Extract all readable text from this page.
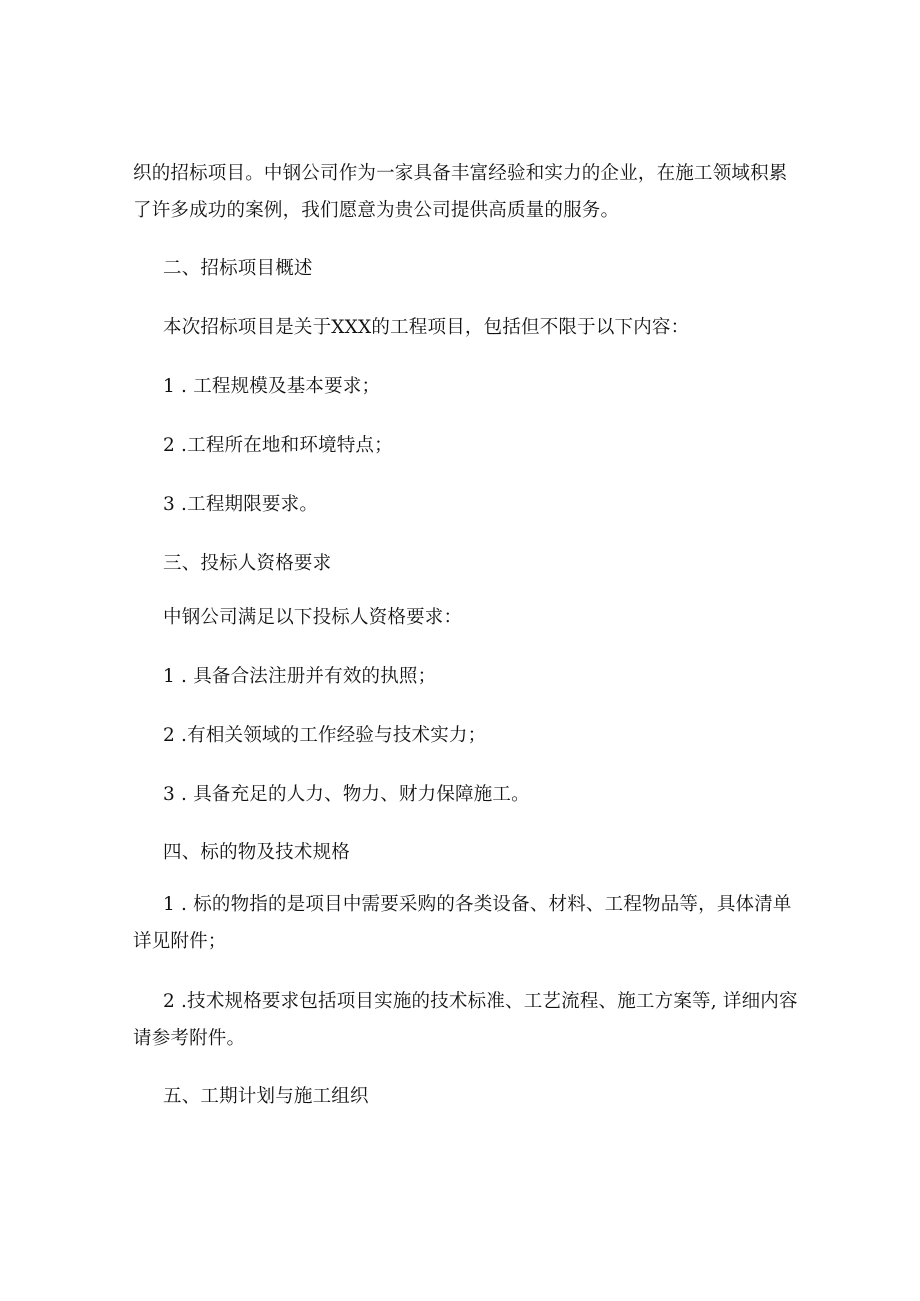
织的招标项目。中钢公司作为一家具备丰富经验和实力的企业，在施工领域积累了许多成功的案例，我们愿意为贵公司提供高质量的服务。

二、招标项目概述

本次招标项目是关于XXX的工程项目，包括但不限于以下内容：

1 . 工程规模及基本要求；

2 .工程所在地和环境特点；

3 .工程期限要求。

三、投标人资格要求

中钢公司满足以下投标人资格要求：

1 . 具备合法注册并有效的执照；

2 .有相关领域的工作经验与技术实力；

3 . 具备充足的人力、物力、财力保障施工。

四、标的物及技术规格

1 . 标的物指的是项目中需要采购的各类设备、材料、工程物品等，具体清单详见附件；

2 .技术规格要求包括项目实施的技术标准、工艺流程、施工方案等, 详细内容请参考附件。

五、工期计划与施工组织
